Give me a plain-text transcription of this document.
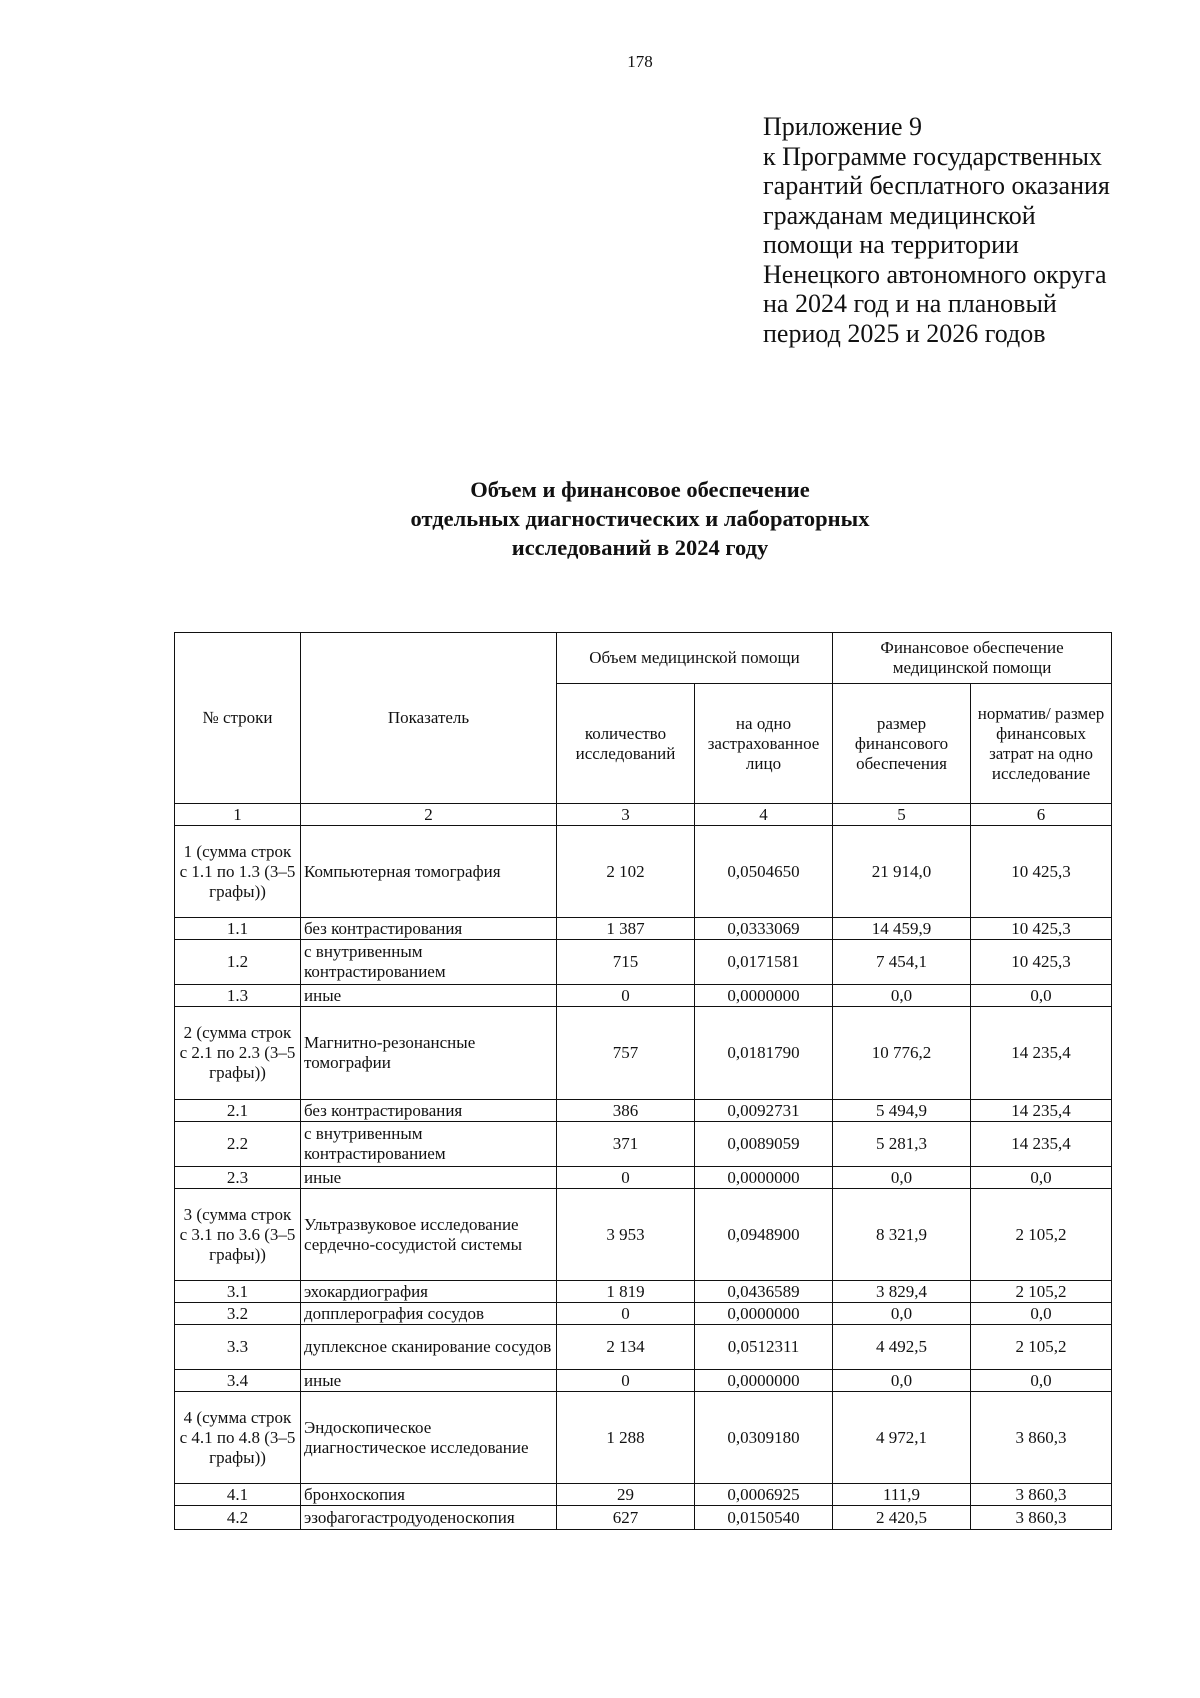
178
Приложение 9
к Программе государственных
гарантий бесплатного оказания
гражданам медицинской
помощи на территории
Ненецкого автономного округа
на 2024 год и на плановый
период 2025 и 2026 годов
Объем и финансовое обеспечение
отдельных диагностических и лабораторных
исследований в 2024 году
№ строки	Показатель	Объем медицинской помощи		Финансовое обеспечение медицинской помощи	
		количество исследований	на одно застрахованное лицо	размер финансового обеспечения	норматив/ размер финансовых затрат на одно исследование
1	2	3	4	5	6
1 (сумма строк с 1.1 по 1.3 (3–5 графы))	Компьютерная томография	2 102	0,0504650	21 914,0	10 425,3
1.1	без контрастирования	1 387	0,0333069	14 459,9	10 425,3
1.2	с внутривенным контрастированием	715	0,0171581	7 454,1	10 425,3
1.3	иные	0	0,0000000	0,0	0,0
2 (сумма строк с 2.1 по 2.3 (3–5 графы))	Магнитно-резонансные томографии	757	0,0181790	10 776,2	14 235,4
2.1	без контрастирования	386	0,0092731	5 494,9	14 235,4
2.2	с внутривенным контрастированием	371	0,0089059	5 281,3	14 235,4
2.3	иные	0	0,0000000	0,0	0,0
3 (сумма строк с 3.1 по 3.6 (3–5 графы))	Ультразвуковое исследование сердечно-сосудистой системы	3 953	0,0948900	8 321,9	2 105,2
3.1	эхокардиография	1 819	0,0436589	3 829,4	2 105,2
3.2	допплерография сосудов	0	0,0000000	0,0	0,0
3.3	дуплексное сканирование сосудов	2 134	0,0512311	4 492,5	2 105,2
3.4	иные	0	0,0000000	0,0	0,0
4 (сумма строк с 4.1 по 4.8 (3–5 графы))	Эндоскопическое диагностическое исследование	1 288	0,0309180	4 972,1	3 860,3
4.1	бронхоскопия	29	0,0006925	111,9	3 860,3
4.2	эзофагогастродуоденоскопия	627	0,0150540	2 420,5	3 860,3
